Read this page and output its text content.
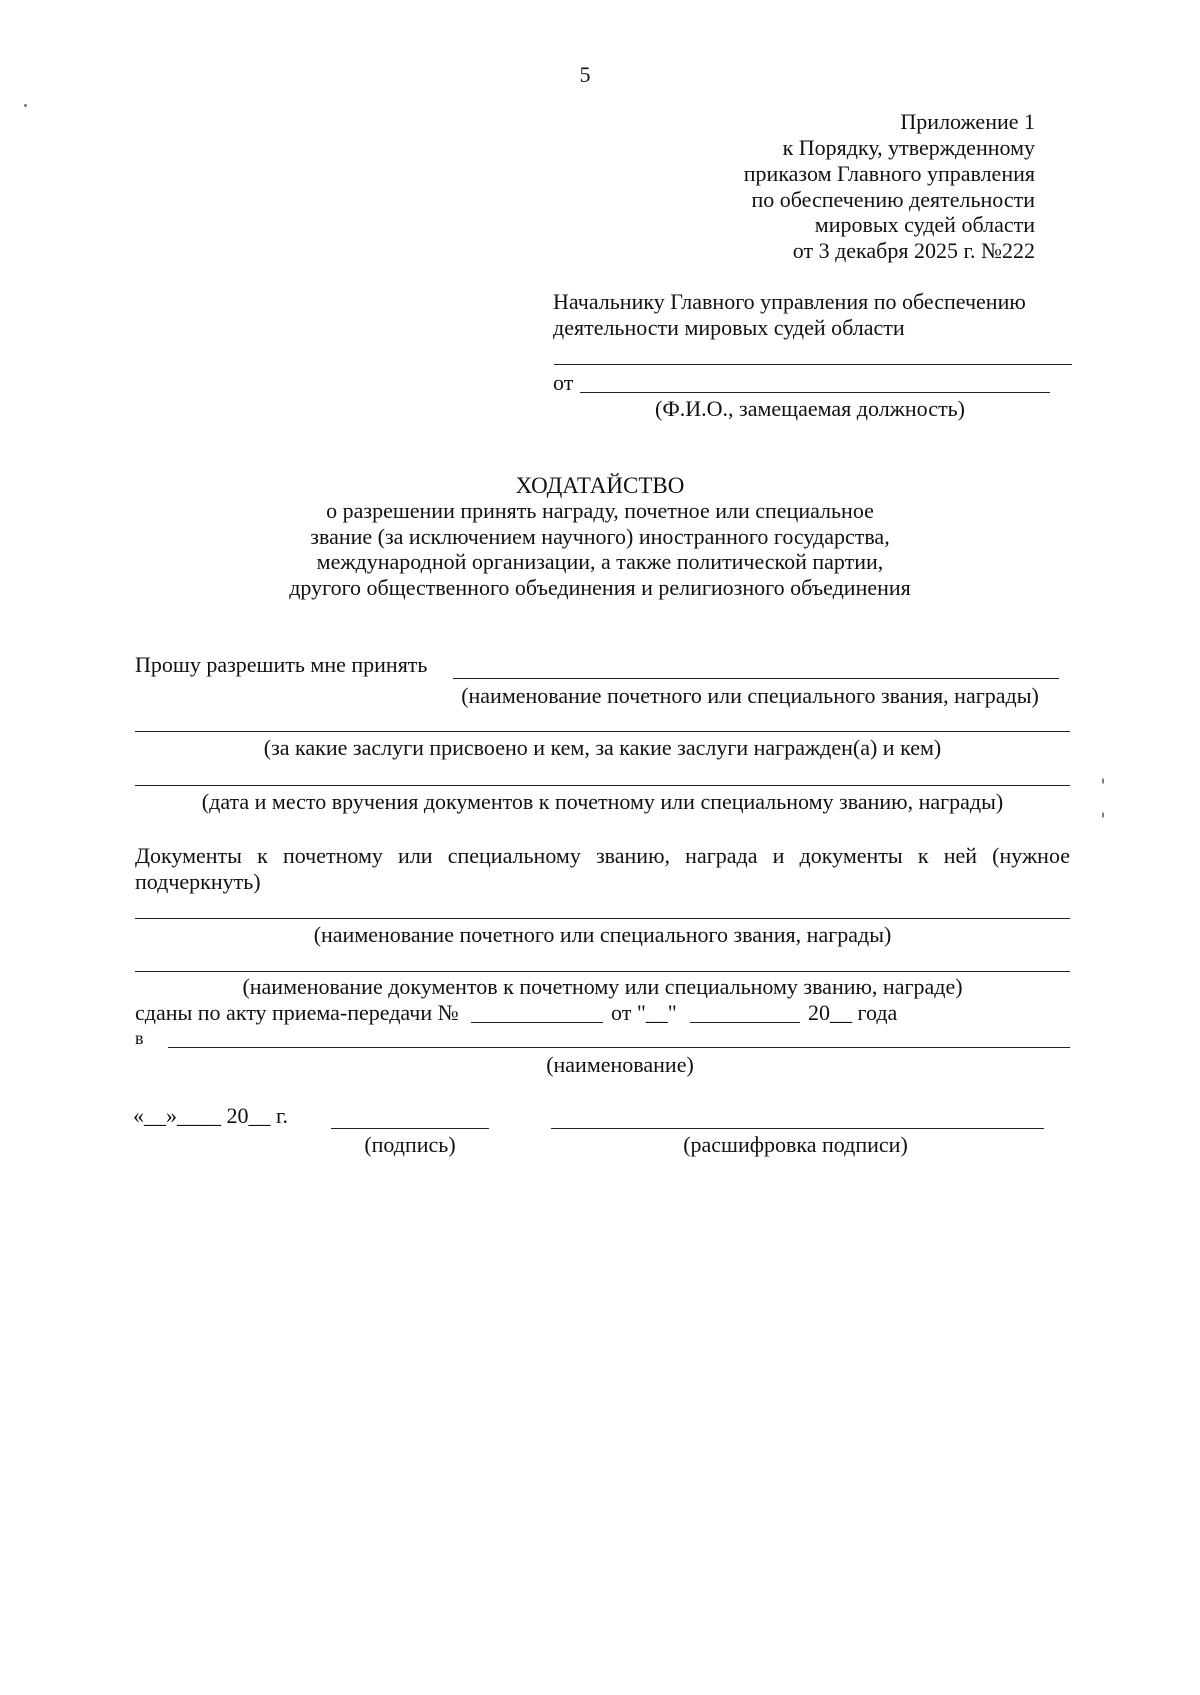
5
Приложение 1
к Порядку, утвержденному
приказом Главного управления
по обеспечению деятельности
мировых судей области
от 3 декабря 2025 г. №222
Начальнику Главного управления по обеспечению
деятельности мировых судей области
от
(Ф.И.О., замещаемая должность)
ХОДАТАЙСТВО
о разрешении принять награду, почетное или специальное
звание (за исключением научного) иностранного государства,
международной организации, а также политической партии,
другого общественного объединения и религиозного объединения
Прошу разрешить мне принять
(наименование почетного или специального звания, награды)
(за какие заслуги присвоено и кем, за какие заслуги награжден(а) и кем)
(дата и место вручения документов к почетному или специальному званию, награды)
Документы к почетному или специальному званию, награда и документы к ней (нужное
подчеркнуть)
(наименование почетного или специального звания, награды)
(наименование документов к почетному или специальному званию, награде)
сданы по акту приема-передачи №	от "__"	20__ года
в
(наименование)
«__»____ 20__ г.
(подпись)	(расшифровка подписи)
